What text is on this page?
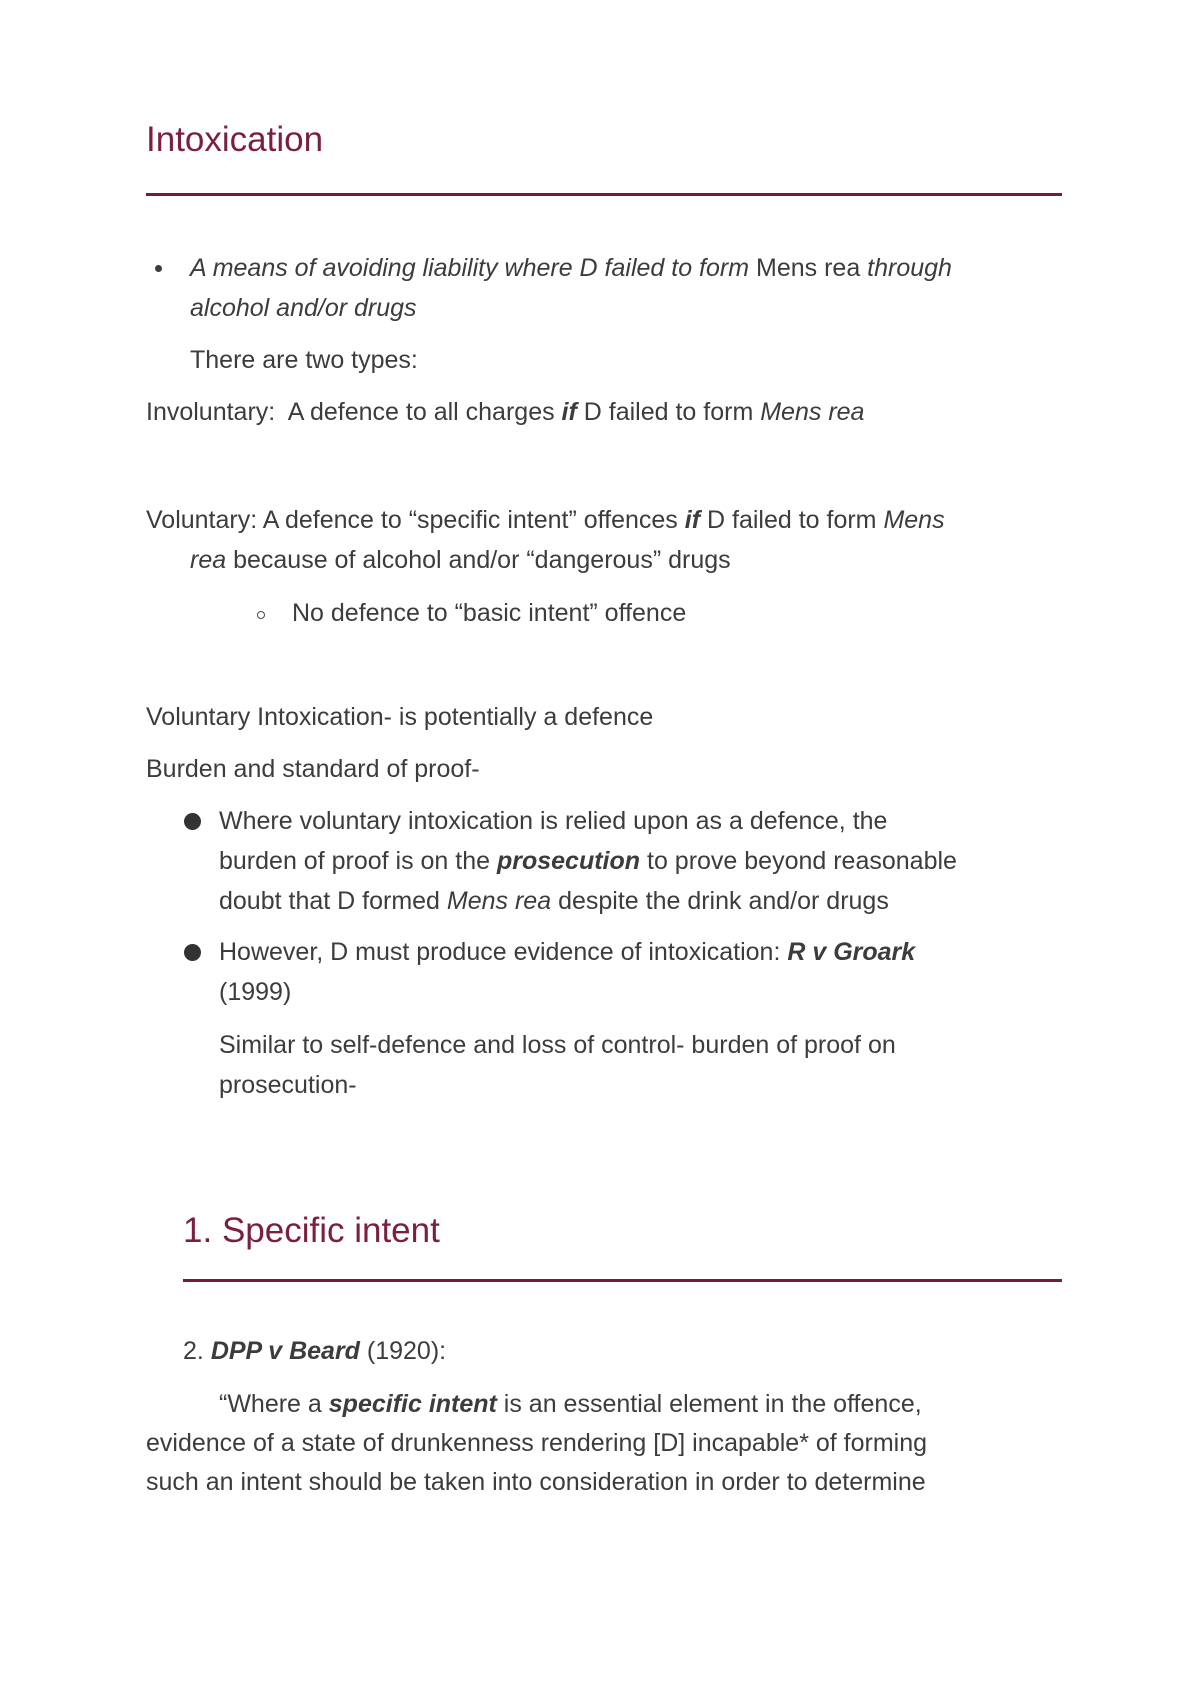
Intoxication
A means of avoiding liability where D failed to form Mens rea through
alcohol and/or drugs
There are two types:
Involuntary:  A defence to all charges if D failed to form Mens rea
Voluntary: A defence to “specific intent” offences if D failed to form Mens
rea because of alcohol and/or “dangerous” drugs
No defence to “basic intent” offence
Voluntary Intoxication- is potentially a defence
Burden and standard of proof-
Where voluntary intoxication is relied upon as a defence, the
burden of proof is on the prosecution to prove beyond reasonable
doubt that D formed Mens rea despite the drink and/or drugs
However, D must produce evidence of intoxication: R v Groark
(1999)
Similar to self-defence and loss of control- burden of proof on
prosecution-
1. Specific intent
2. DPP v Beard (1920):
“Where a specific intent is an essential element in the offence,
evidence of a state of drunkenness rendering [D] incapable* of forming
such an intent should be taken into consideration in order to determine
